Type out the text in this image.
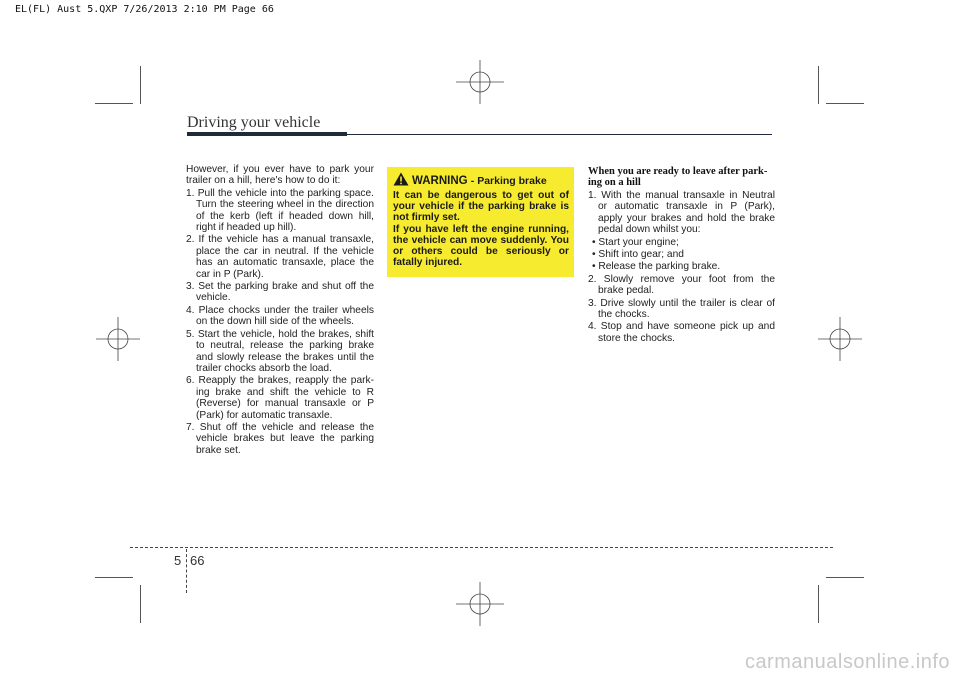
EL(FL) Aust 5.QXP 7/26/2013 2:10 PM Page 66
Driving your vehicle

However, if you ever have to park your trailer on a hill, here's how to do it:

1. Pull the vehicle into the parking space. Turn the steering wheel in the direction of the kerb (left if headed down hill, right if headed up hill).

2. If the vehicle has a manual transaxle, place the car in neutral. If the vehicle has an automatic transaxle, place the car in P (Park).

3. Set the parking brake and shut off the vehicle.

4. Place chocks under the trailer wheels on the down hill side of the wheels.

5. Start the vehicle, hold the brakes, shift to neutral, release the parking brake and slowly release the brakes until the trailer chocks absorb the load.

6. Reapply the brakes, reapply the park-ing brake and shift the vehicle to R (Reverse) for manual transaxle or P (Park) for automatic transaxle.

7. Shut off the vehicle and release the vehicle brakes but leave the parking brake set.

WARNING - Parking brake

It can be dangerous to get out of your vehicle if the parking brake is not firmly set.

If you have left the engine running, the vehicle can move suddenly. You or others could be seriously or fatally injured.

When you are ready to leave after park-ing on a hill

1. With the manual transaxle in Neutral or automatic transaxle in P (Park), apply your brakes and hold the brake pedal down whilst you:

• Start your engine;

• Shift into gear; and

• Release the parking brake.

2. Slowly remove your foot from the brake pedal.

3. Drive slowly until the trailer is clear of the chocks.

4. Stop and have someone pick up and store the chocks.

5 66
carmanualsonline.info
